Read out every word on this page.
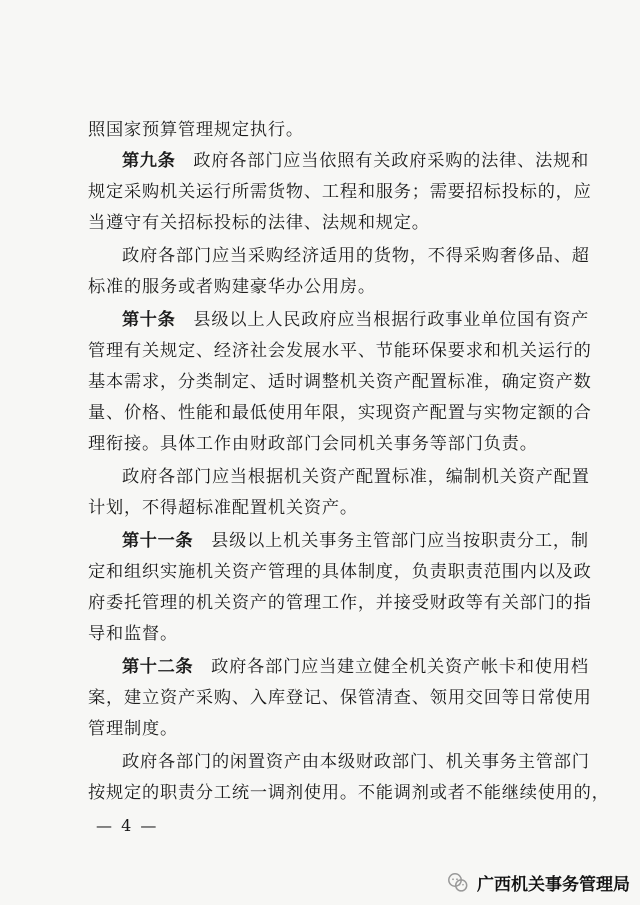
照国家预算管理规定执行。
第九条　政府各部门应当依照有关政府采购的法律、法规和
规定采购机关运行所需货物、工程和服务；需要招标投标的，应
当遵守有关招标投标的法律、法规和规定。
政府各部门应当采购经济适用的货物，不得采购奢侈品、超
标准的服务或者购建豪华办公用房。
第十条　县级以上人民政府应当根据行政事业单位国有资产
管理有关规定、经济社会发展水平、节能环保要求和机关运行的
基本需求，分类制定、适时调整机关资产配置标准，确定资产数
量、价格、性能和最低使用年限，实现资产配置与实物定额的合
理衔接。具体工作由财政部门会同机关事务等部门负责。
政府各部门应当根据机关资产配置标准，编制机关资产配置
计划，不得超标准配置机关资产。
第十一条　县级以上机关事务主管部门应当按职责分工，制
定和组织实施机关资产管理的具体制度，负责职责范围内以及政
府委托管理的机关资产的管理工作，并接受财政等有关部门的指
导和监督。
第十二条　政府各部门应当建立健全机关资产帐卡和使用档
案，建立资产采购、入库登记、保管清查、领用交回等日常使用
管理制度。
政府各部门的闲置资产由本级财政部门、机关事务主管部门
按规定的职责分工统一调剂使用。不能调剂或者不能继续使用的，
— 4 —
广西机关事务管理局
